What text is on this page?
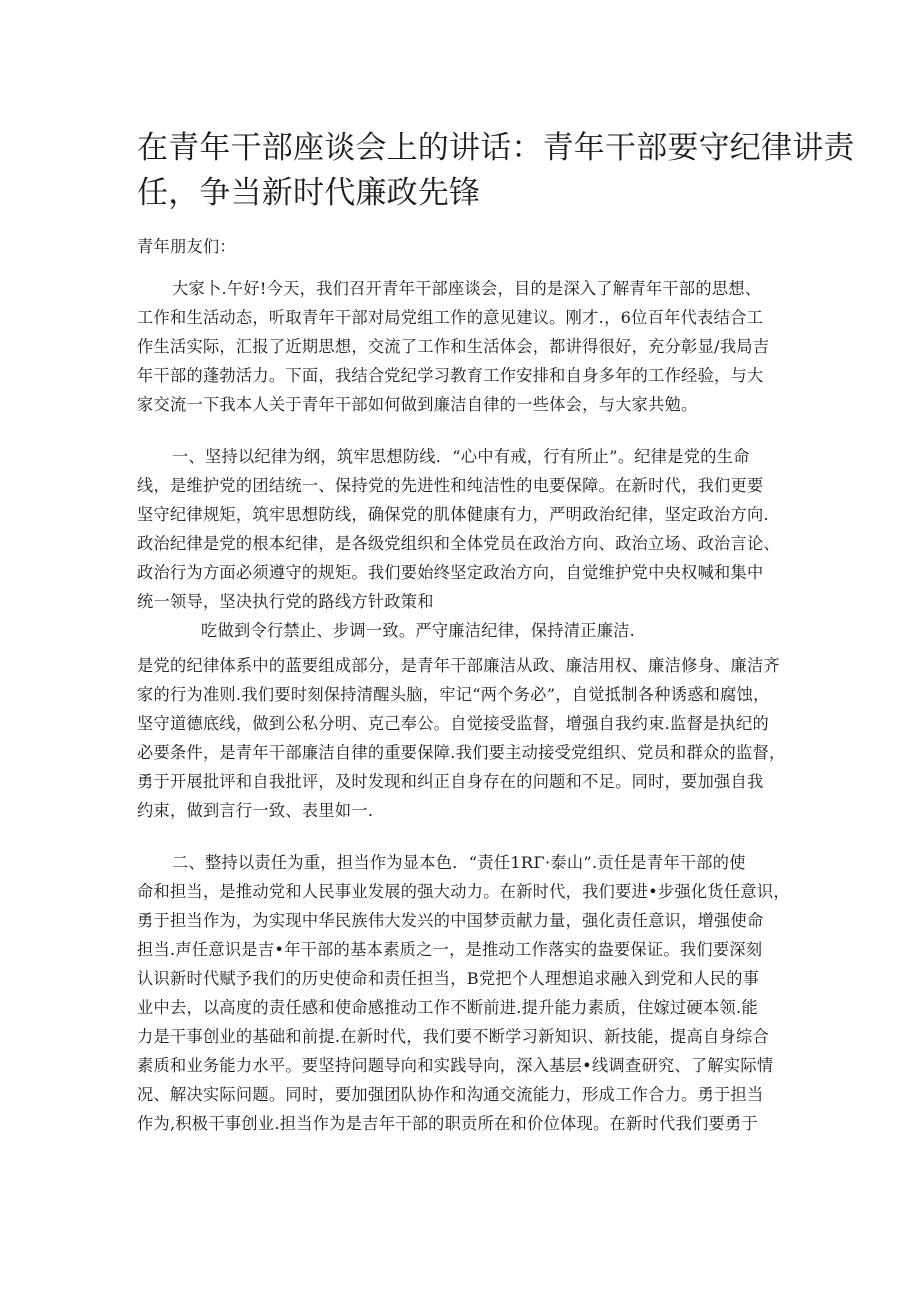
在青年干部座谈会上的讲话：青年干部要守纪律讲责
任，争当新时代廉政先锋
青年朋友们：
大家卜.午好!今天，我们召开青年干部座谈会，目的是深入了解青年干部的思想、
工作和生活动态，听取青年干部对局党组工作的意见建议。刚才.，6位百年代表结合工
作生活实际，汇报了近期思想，交流了工作和生活体会，都讲得很好，充分彰显/我局吉
年干部的蓬勃活力。下面，我结合党纪学习教育工作安排和自身多年的工作经验，与大
家交流一下我本人关于青年干部如何做到廉洁自律的一些体会，与大家共勉。
一、坚持以纪律为纲，筑牢思想防线．“心中有戒，行有所止”。纪律是党的生命
线，是维护党的团结统一、保持党的先进性和纯洁性的电要保障。在新时代，我们更要
坚守纪律规矩，筑牢思想防线，确保党的肌体健康有力，严明政治纪律，坚定政治方向.
政治纪律是党的根本纪律，是各级党组织和全体党员在政治方向、政治立场、政治言论、
政治行为方面必须遵守的规矩。我们要始终坚定政治方向，自觉维护党中央权喊和集中
统一领导，坚决执行党的路线方针政策和
吃做到令行禁止、步调一致。严守廉洁纪律，保持清正廉洁.
是党的纪律体系中的蓝要组成部分，是青年干部廉洁从政、廉洁用权、廉洁修身、廉洁齐
家的行为准则.我们要时刻保持清醒头脑，牢记“两个务必”，自觉抵制各种诱惑和腐蚀，
坚守道德底线，做到公私分明、克己奉公。自觉接受监督，增强自我约束.监督是执纪的
必要条件，是青年干部廉洁自律的重要保障.我们要主动接受党组织、党员和群众的监督，
勇于开展批评和自我批评，及时发现和纠正自身存在的问题和不足。同时，要加强自我
约束，做到言行一致、表里如一.
二、整持以责任为重，担当作为显本色．“责任1RΓ·泰山”.贡任是青年干部的使
命和担当，是推动党和人民事业发展的强大动力。在新时代，我们要进•步强化货任意识，
勇于担当作为，为实现中华民族伟大发兴的中国梦贡献力量，强化责任意识，增强使命
担当.声任意识是吉•年干部的基本素质之一，是推动工作落实的盎要保证。我们要深刻
认识新时代赋予我们的历史使命和责任担当，B党把个人理想追求融入到党和人民的事
业中去，以高度的责任感和使命感推动工作不断前进.提升能力素质，住嫁过硬本领.能
力是干事创业的基础和前提.在新时代，我们要不断学习新知识、新技能，提高自身综合
素质和业务能力水平。要坚持问题导向和实践导向，深入基层•线调查研究、了解实际情
况、解决实际问题。同时，要加强团队协作和沟通交流能力，形成工作合力。勇于担当
作为,积极干事创业.担当作为是吉年干部的职贡所在和价位体现。在新时代我们要勇于
